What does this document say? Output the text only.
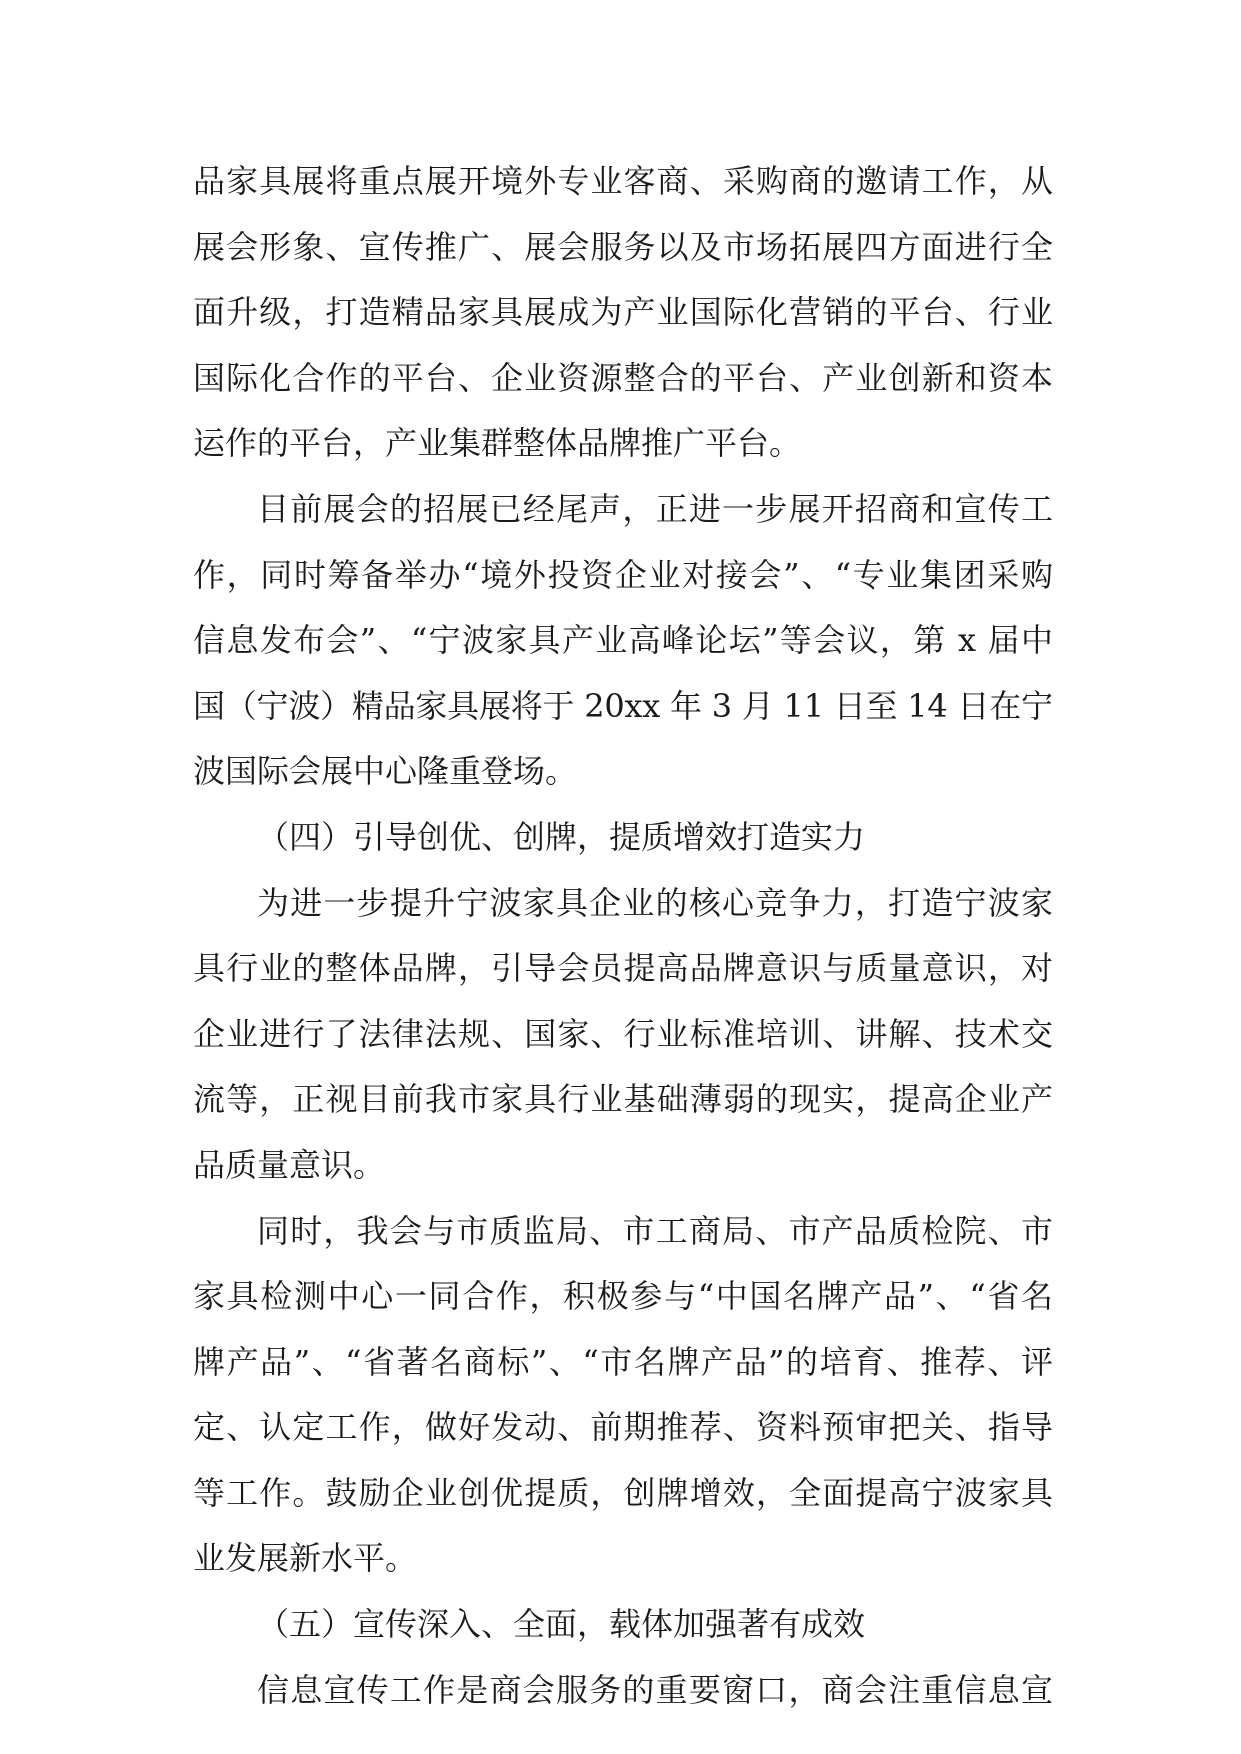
品家具展将重点展开境外专业客商、采购商的邀请工作，从
展会形象、宣传推广、展会服务以及市场拓展四方面进行全
面升级，打造精品家具展成为产业国际化营销的平台、行业
国际化合作的平台、企业资源整合的平台、产业创新和资本
运作的平台，产业集群整体品牌推广平台。
目前展会的招展已经尾声，正进一步展开招商和宣传工
作，同时筹备举办“境外投资企业对接会”、“专业集团采购
信息发布会”、“宁波家具产业高峰论坛”等会议，第 x 届中
国（宁波）精品家具展将于 20xx 年 3 月 11 日至 14 日在宁
波国际会展中心隆重登场。
（四）引导创优、创牌，提质增效打造实力
为进一步提升宁波家具企业的核心竞争力，打造宁波家
具行业的整体品牌，引导会员提高品牌意识与质量意识，对
企业进行了法律法规、国家、行业标准培训、讲解、技术交
流等，正视目前我市家具行业基础薄弱的现实，提高企业产
品质量意识。
同时，我会与市质监局、市工商局、市产品质检院、市
家具检测中心一同合作，积极参与“中国名牌产品”、“省名
牌产品”、“省著名商标”、“市名牌产品”的培育、推荐、评
定、认定工作，做好发动、前期推荐、资料预审把关、指导
等工作。鼓励企业创优提质，创牌增效，全面提高宁波家具
业发展新水平。
（五）宣传深入、全面，载体加强著有成效
信息宣传工作是商会服务的重要窗口，商会注重信息宣
